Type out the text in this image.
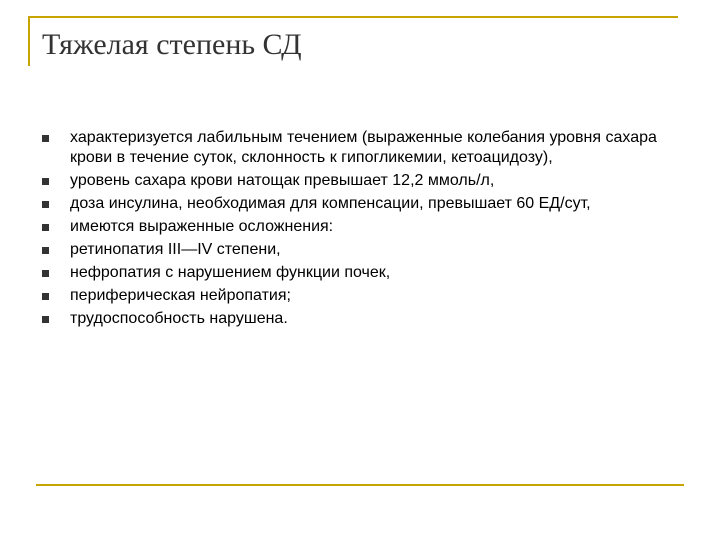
Тяжелая степень СД
характеризуется лабильным течением (выраженные колебания уровня сахара крови в течение суток, склонность к гипогликемии, кетоацидозу),
уровень сахара крови натощак превышает 12,2 ммоль/л,
доза инсулина, необходимая для компенсации, превышает 60 ЕД/сут,
имеются выраженные осложнения:
ретинопатия III—IV степени,
нефропатия с нарушением функции почек,
периферическая нейропатия;
трудоспособность нарушена.
